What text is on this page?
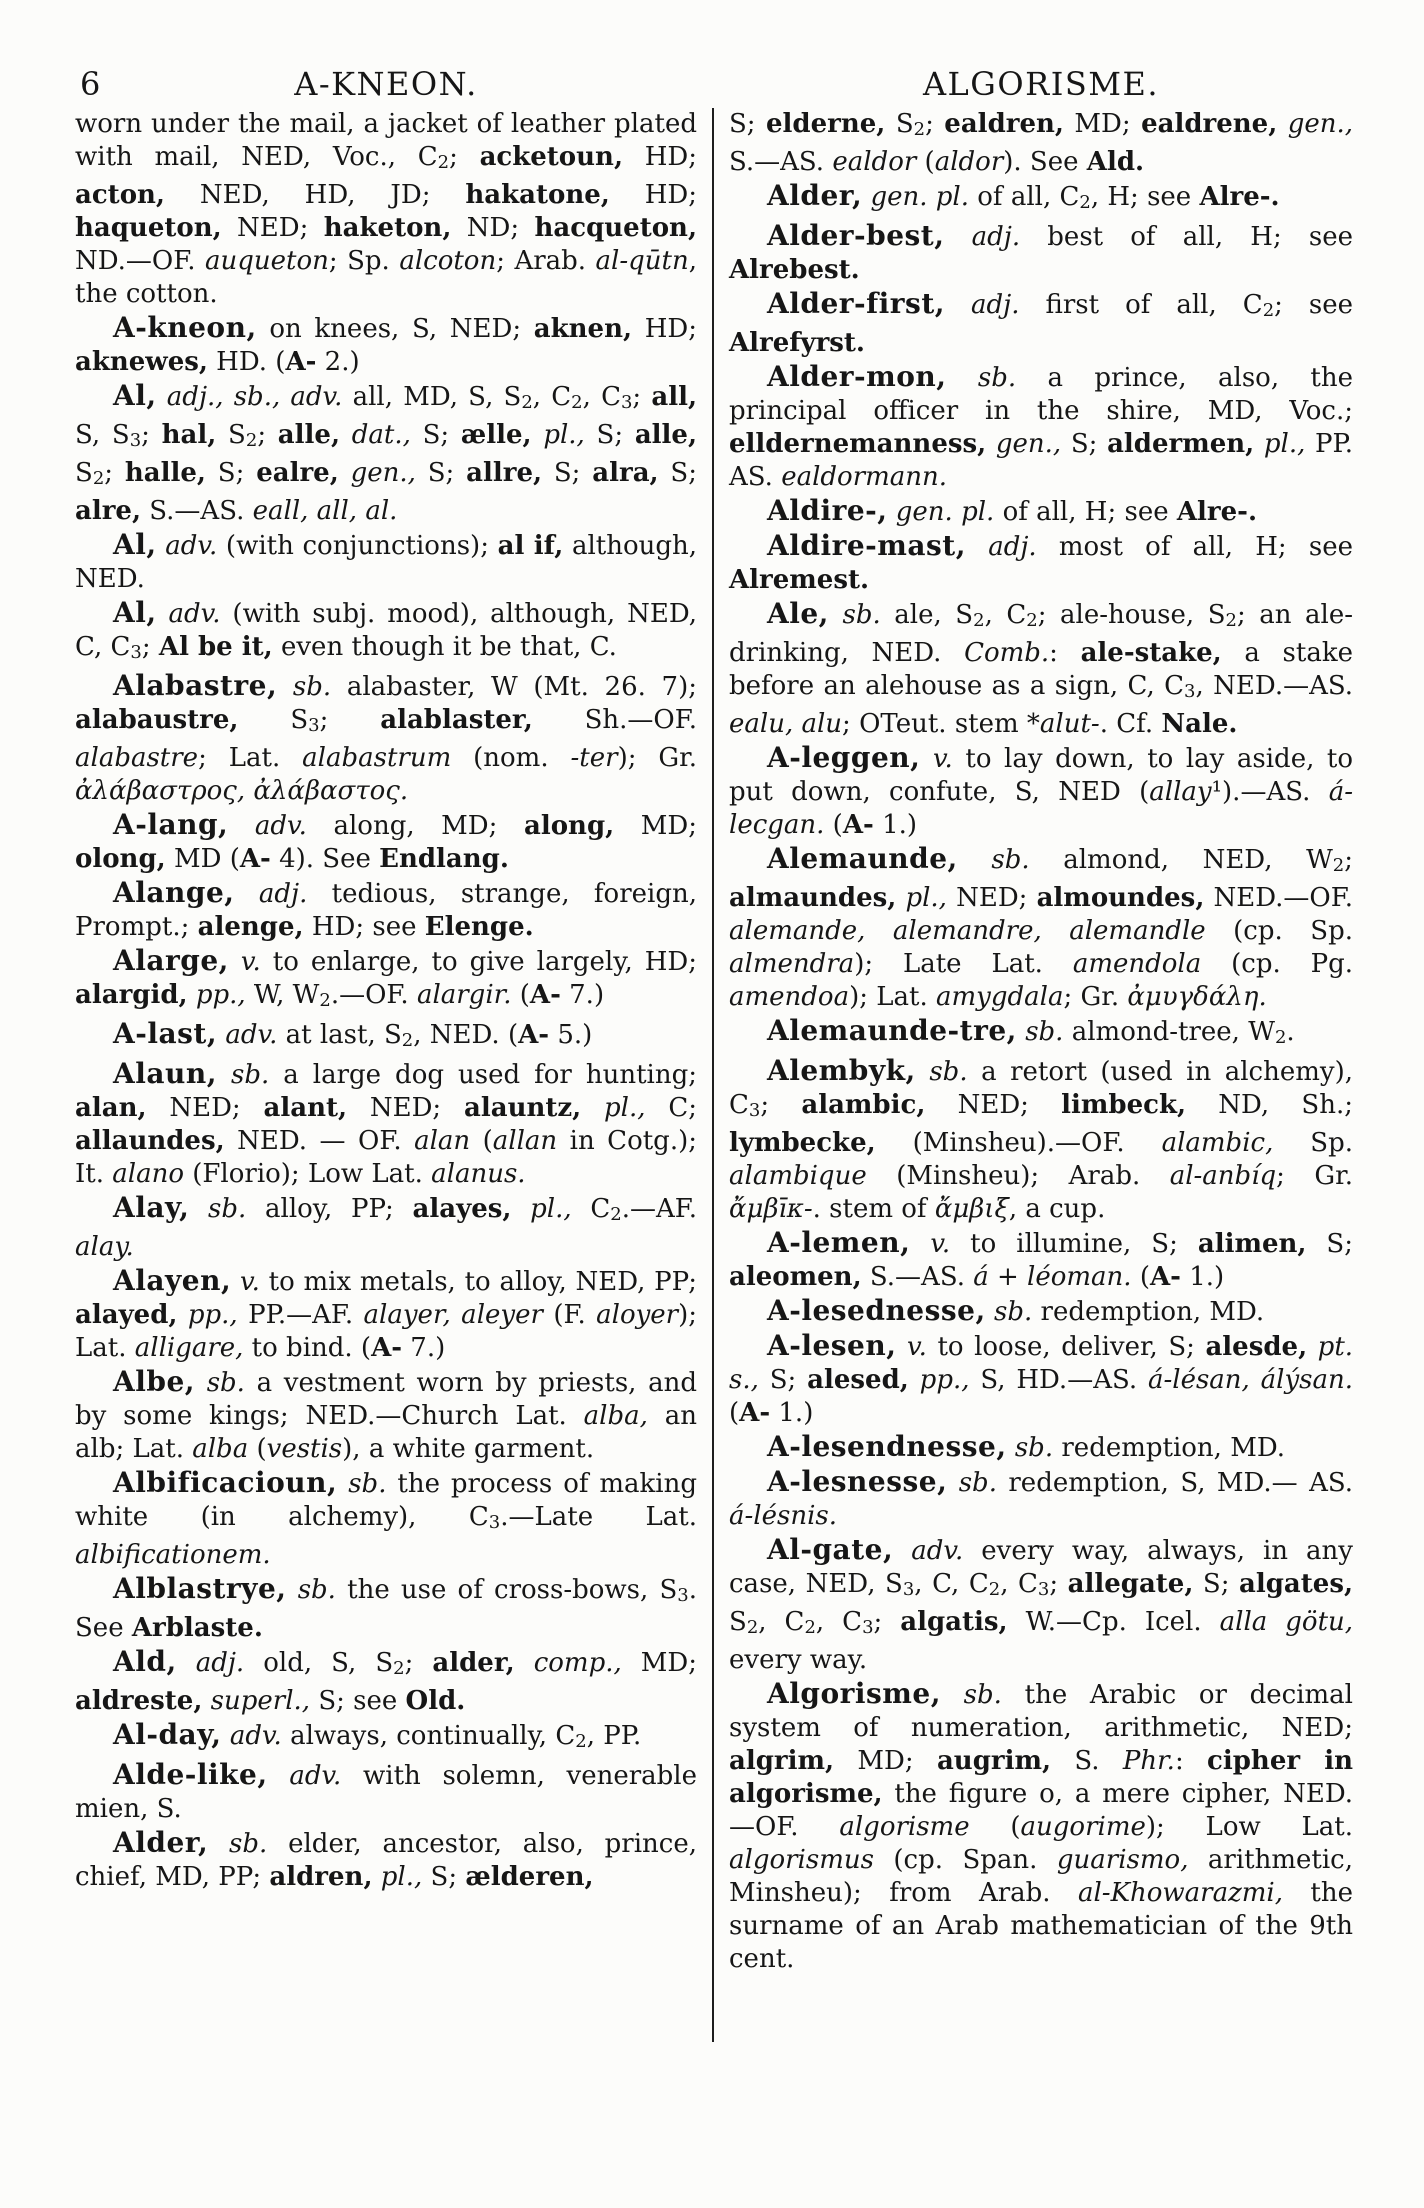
6	A-KNEON.	ALGORISME.

worn under the mail, a jacket of leather plated with mail, NED, Voc., C2; acketoun, HD; acton, NED, HD, JD; hakatone, HD; haqueton, NED; haketon, ND; hacqueton, ND.—OF. auqueton; Sp. alcoton; Arab. al-qūtn, the cotton.

A-kneon, on knees, S, NED; aknen, HD; aknewes, HD. (A- 2.)

Al, adj., sb., adv. all, MD, S, S2, C2, C3; all, S, S3; hal, S2; alle, dat., S; ælle, pl., S; alle, S2; halle, S; ealre, gen., S; allre, S; alra, S; alre, S.—AS. eall, all, al.

Al, adv. (with conjunctions); al if, although, NED.

Al, adv. (with subj. mood), although, NED, C, C3; Al be it, even though it be that, C.

Alabastre, sb. alabaster, W (Mt. 26. 7); alabaustre, S3; alablaster, Sh.—OF. alabastre; Lat. alabastrum (nom. -ter); Gr. ἀλάβαστρος, ἀλάβαστος.

A-lang, adv. along, MD; along, MD; olong, MD (A- 4). See Endlang.

Alange, adj. tedious, strange, foreign, Prompt.; alenge, HD; see Elenge.

Alarge, v. to enlarge, to give largely, HD; alargid, pp., W, W2.—OF. alargir. (A- 7.)

A-last, adv. at last, S2, NED. (A- 5.)

Alaun, sb. a large dog used for hunting; alan, NED; alant, NED; alauntz, pl., C; allaundes, NED. — OF. alan (allan in Cotg.); It. alano (Florio); Low Lat. alanus.

Alay, sb. alloy, PP; alayes, pl., C2.—AF. alay.

Alayen, v. to mix metals, to alloy, NED, PP; alayed, pp., PP.—AF. alayer, aleyer (F. aloyer); Lat. alligare, to bind. (A- 7.)

Albe, sb. a vestment worn by priests, and by some kings; NED.—Church Lat. alba, an alb; Lat. alba (vestis), a white garment.

Albificacioun, sb. the process of making white (in alchemy), C3.—Late Lat. albificationem.

Alblastrye, sb. the use of cross-bows, S3. See Arblaste.

Ald, adj. old, S, S2; alder, comp., MD; aldreste, superl., S; see Old.

Al-day, adv. always, continually, C2, PP.

Alde-like, adv. with solemn, venerable mien, S.

Alder, sb. elder, ancestor, also, prince, chief, MD, PP; aldren, pl., S; ælderen,

S; elderne, S2; ealdren, MD; ealdrene, gen., S.—AS. ealdor (aldor). See Ald.

Alder, gen. pl. of all, C2, H; see Alre-.

Alder-best, adj. best of all, H; see Alrebest.

Alder-first, adj. first of all, C2; see Alrefyrst.

Alder-mon, sb. a prince, also, the principal officer in the shire, MD, Voc.; elldernemanness, gen., S; aldermen, pl., PP. AS. ealdormann.

Aldire-, gen. pl. of all, H; see Alre-.

Aldire-mast, adj. most of all, H; see Alremest.

Ale, sb. ale, S2, C2; ale-house, S2; an ale-drinking, NED. Comb.: ale-stake, a stake before an alehouse as a sign, C, C3, NED.—AS. ealu, alu; OTeut. stem *alut-. Cf. Nale.

A-leggen, v. to lay down, to lay aside, to put down, confute, S, NED (allay¹).—AS. á-lecgan. (A- 1.)

Alemaunde, sb. almond, NED, W2; almaundes, pl., NED; almoundes, NED.—OF. alemande, alemandre, alemandle (cp. Sp. almendra); Late Lat. amendola (cp. Pg. amendoa); Lat. amygdala; Gr. ἀμυγδάλη.

Alemaunde-tre, sb. almond-tree, W2.

Alembyk, sb. a retort (used in alchemy), C3; alambic, NED; limbeck, ND, Sh.; lymbecke, (Minsheu).—OF. alambic, Sp. alambique (Minsheu); Arab. al-anbíq; Gr. ἄμβīκ-. stem of ἄμβιξ, a cup.

A-lemen, v. to illumine, S; alimen, S; aleomen, S.—AS. á + léoman. (A- 1.)

A-lesednesse, sb. redemption, MD.

A-lesen, v. to loose, deliver, S; alesde, pt. s., S; alesed, pp., S, HD.—AS. á-lésan, álýsan. (A- 1.)

A-lesendnesse, sb. redemption, MD.

A-lesnesse, sb. redemption, S, MD.— AS. á-lésnis.

Al-gate, adv. every way, always, in any case, NED, S3, C, C2, C3; allegate, S; algates, S2, C2, C3; algatis, W.—Cp. Icel. alla götu, every way.

Algorisme, sb. the Arabic or decimal system of numeration, arithmetic, NED; algrim, MD; augrim, S. Phr.: cipher in algorisme, the figure o, a mere cipher, NED.—OF. algorisme (augorime); Low Lat. algorismus (cp. Span. guarismo, arithmetic, Minsheu); from Arab. al-Khowarazmi, the surname of an Arab mathematician of the 9th cent.
